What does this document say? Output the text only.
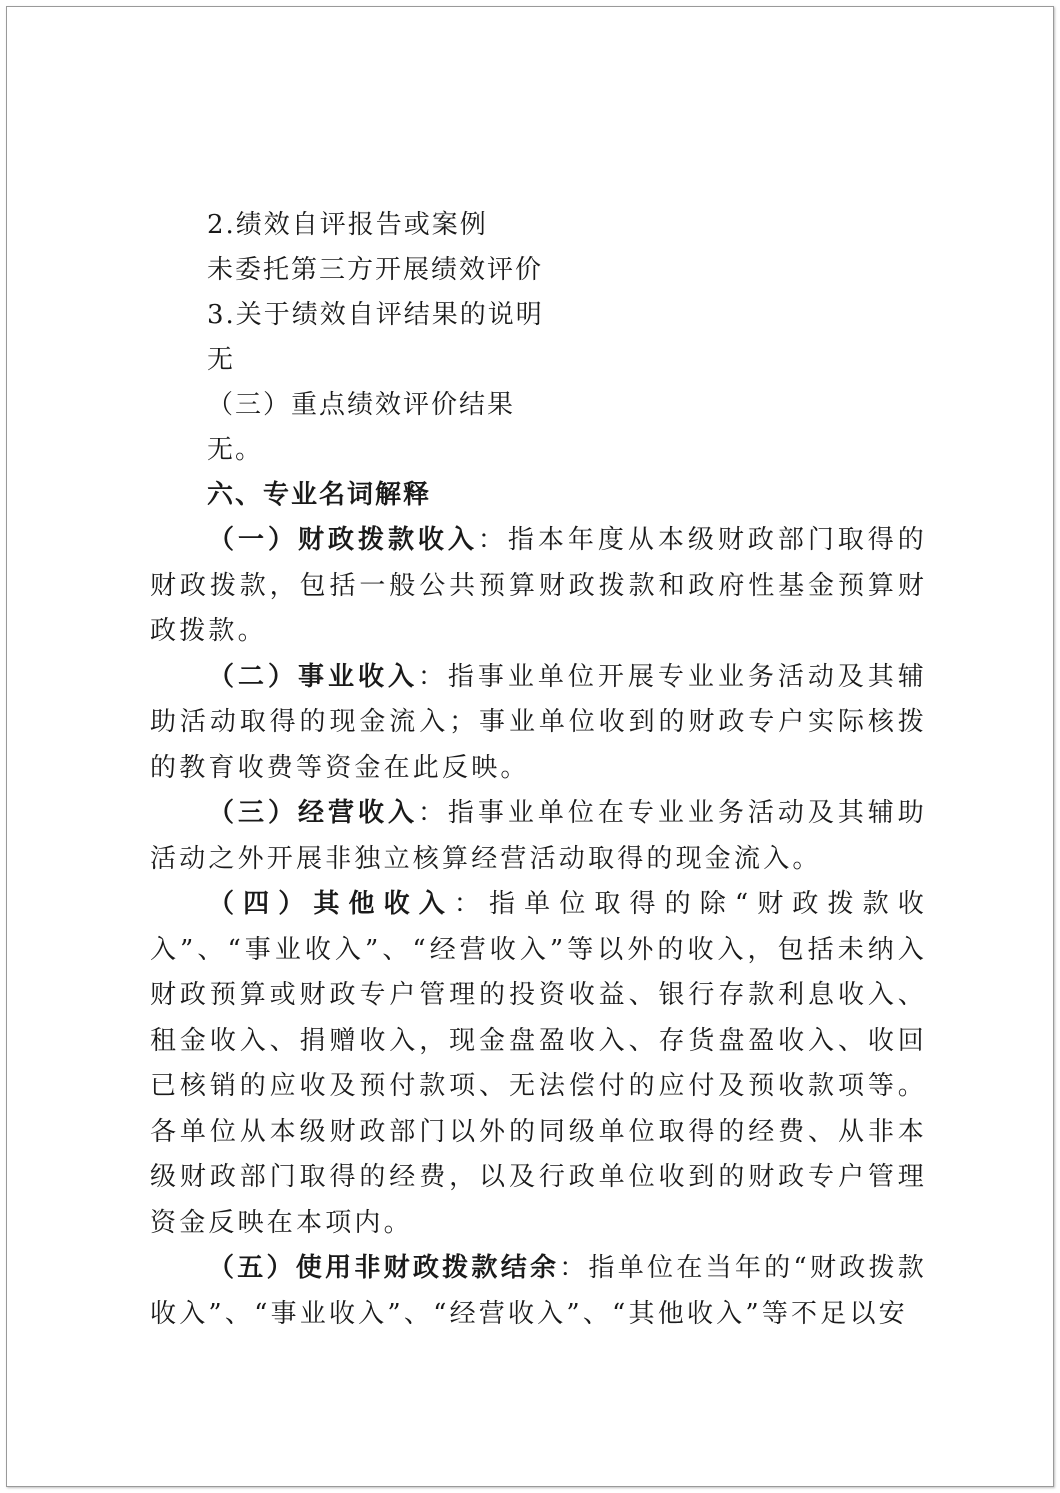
2.绩效自评报告或案例
未委托第三方开展绩效评价
3.关于绩效自评结果的说明
无
（三）重点绩效评价结果
无。
六、专业名词解释

（一）财政拨款收入：指本年度从本级财政部门取得的财政拨款，包括一般公共预算财政拨款和政府性基金预算财政拨款。

（二）事业收入：指事业单位开展专业业务活动及其辅助活动取得的现金流入；事业单位收到的财政专户实际核拨的教育收费等资金在此反映。

（三）经营收入：指事业单位在专业业务活动及其辅助活动之外开展非独立核算经营活动取得的现金流入。

（四）其他收入：指单位取得的除“财政拨款收入”、“事业收入”、“经营收入”等以外的收入，包括未纳入财政预算或财政专户管理的投资收益、银行存款利息收入、租金收入、捐赠收入，现金盘盈收入、存货盘盈收入、收回已核销的应收及预付款项、无法偿付的应付及预收款项等。各单位从本级财政部门以外的同级单位取得的经费、从非本级财政部门取得的经费，以及行政单位收到的财政专户管理资金反映在本项内。

（五）使用非财政拨款结余：指单位在当年的“财政拨款收入”、“事业收入”、“经营收入”、“其他收入”等不足以安
